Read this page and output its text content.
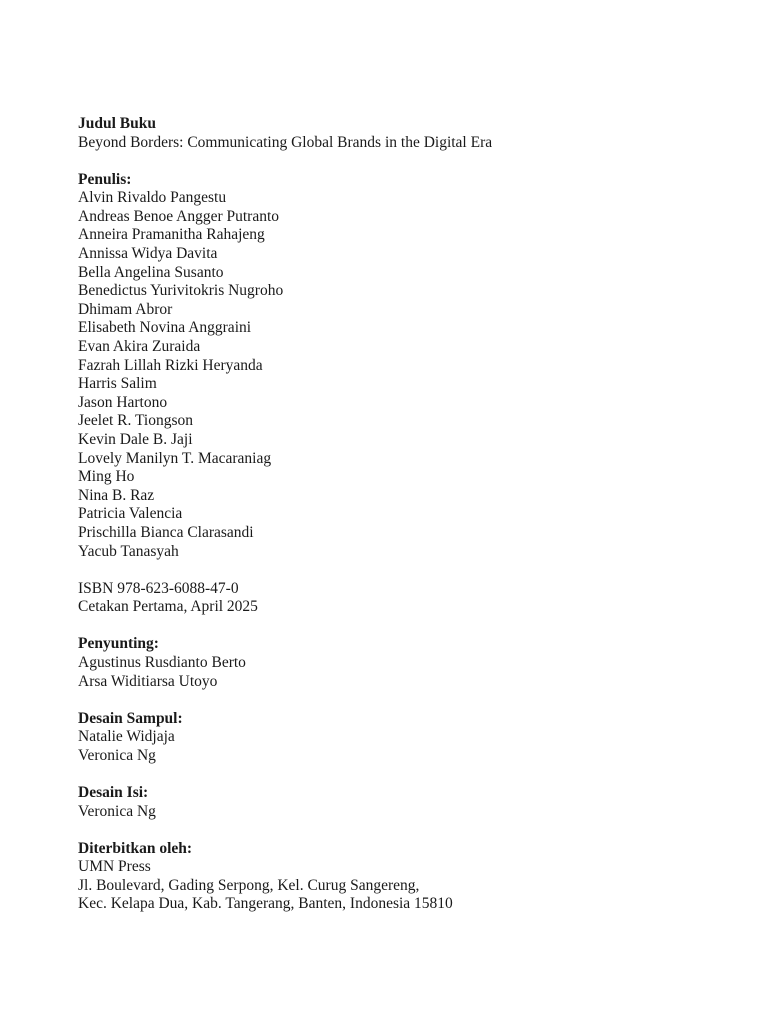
Judul Buku
Beyond Borders: Communicating Global Brands in the Digital Era
Penulis:
Alvin Rivaldo Pangestu
Andreas Benoe Angger Putranto
Anneira Pramanitha Rahajeng
Annissa Widya Davita
Bella Angelina Susanto
Benedictus Yurivitokris Nugroho
Dhimam Abror
Elisabeth Novina Anggraini
Evan Akira Zuraida
Fazrah Lillah Rizki Heryanda
Harris Salim
Jason Hartono
Jeelet R. Tiongson
Kevin Dale B. Jaji
Lovely Manilyn T. Macaraniag
Ming Ho
Nina B. Raz
Patricia Valencia
Prischilla Bianca Clarasandi
Yacub Tanasyah
ISBN 978-623-6088-47-0
Cetakan Pertama, April 2025
Penyunting:
Agustinus Rusdianto Berto
Arsa Widitiarsa Utoyo
Desain Sampul:
Natalie Widjaja
Veronica Ng
Desain Isi:
Veronica Ng
Diterbitkan oleh:
UMN Press
Jl. Boulevard, Gading Serpong, Kel. Curug Sangereng,
Kec. Kelapa Dua, Kab. Tangerang, Banten, Indonesia 15810
